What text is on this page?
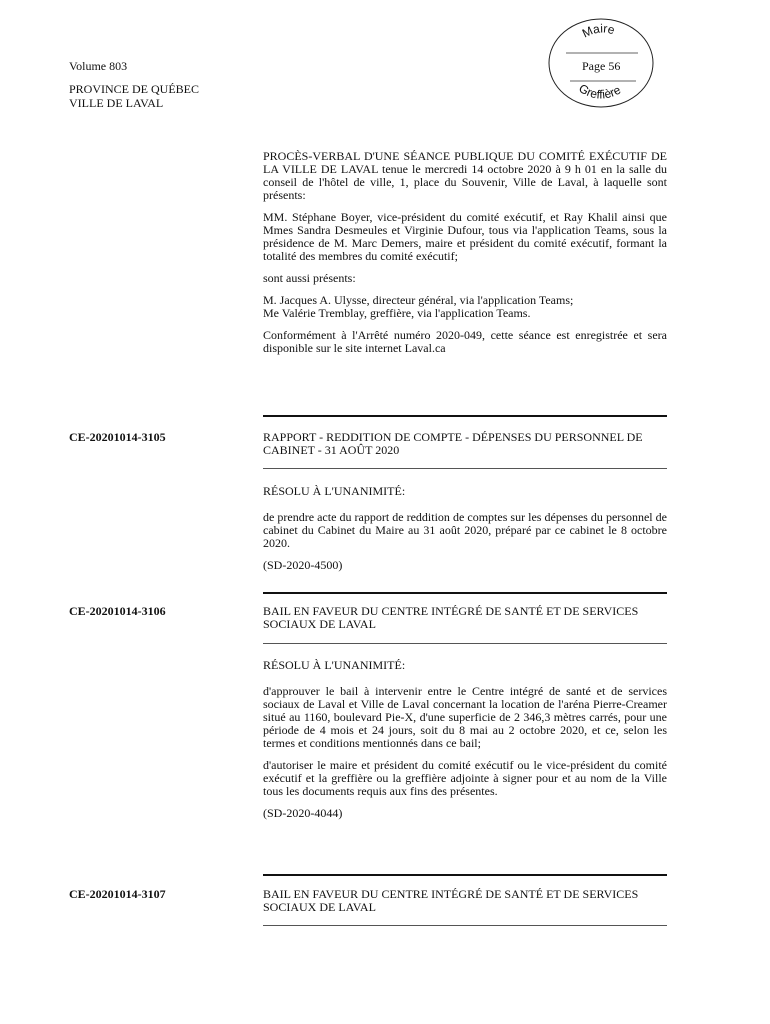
Volume 803
PROVINCE DE QUÉBEC
VILLE DE LAVAL
Maire
Greffière
Page 56

PROCÈS-VERBAL D'UNE SÉANCE PUBLIQUE DU COMITÉ EXÉCUTIF DE LA VILLE DE LAVAL tenue le mercredi 14 octobre 2020 à 9 h 01 en la salle du conseil de l'hôtel de ville, 1, place du Souvenir, Ville de Laval, à laquelle sont présents:

MM. Stéphane Boyer, vice-président du comité exécutif, et Ray Khalil ainsi que Mmes Sandra Desmeules et Virginie Dufour, tous via l'application Teams, sous la présidence de M. Marc Demers, maire et président du comité exécutif, formant la totalité des membres du comité exécutif;

sont aussi présents:

M. Jacques A. Ulysse, directeur général, via l'application Teams;

Me Valérie Tremblay, greffière, via l'application Teams.

Conformément à l'Arrêté numéro 2020-049, cette séance est enregistrée et sera disponible sur le site internet Laval.ca

CE-20201014-3105	RAPPORT - REDDITION DE COMPTE - DÉPENSES DU PERSONNEL DE CABINET - 31 AOÛT 2020

RÉSOLU À L'UNANIMITÉ:

de prendre acte du rapport de reddition de comptes sur les dépenses du personnel de cabinet du Cabinet du Maire au 31 août 2020, préparé par ce cabinet le 8 octobre 2020.

(SD-2020-4500)

CE-20201014-3106	BAIL EN FAVEUR DU CENTRE INTÉGRÉ DE SANTÉ ET DE SERVICES SOCIAUX DE LAVAL

RÉSOLU À L'UNANIMITÉ:

d'approuver le bail à intervenir entre le Centre intégré de santé et de services sociaux de Laval et Ville de Laval concernant la location de l'aréna Pierre-Creamer situé au 1160, boulevard Pie-X, d'une superficie de 2 346,3 mètres carrés, pour une période de 4 mois et 24 jours, soit du 8 mai au 2 octobre 2020, et ce, selon les termes et conditions mentionnés dans ce bail;

d'autoriser le maire et président du comité exécutif ou le vice-président du comité exécutif et la greffière ou la greffière adjointe à signer pour et au nom de la Ville tous les documents requis aux fins des présentes.

(SD-2020-4044)

CE-20201014-3107	BAIL EN FAVEUR DU CENTRE INTÉGRÉ DE SANTÉ ET DE SERVICES SOCIAUX DE LAVAL
